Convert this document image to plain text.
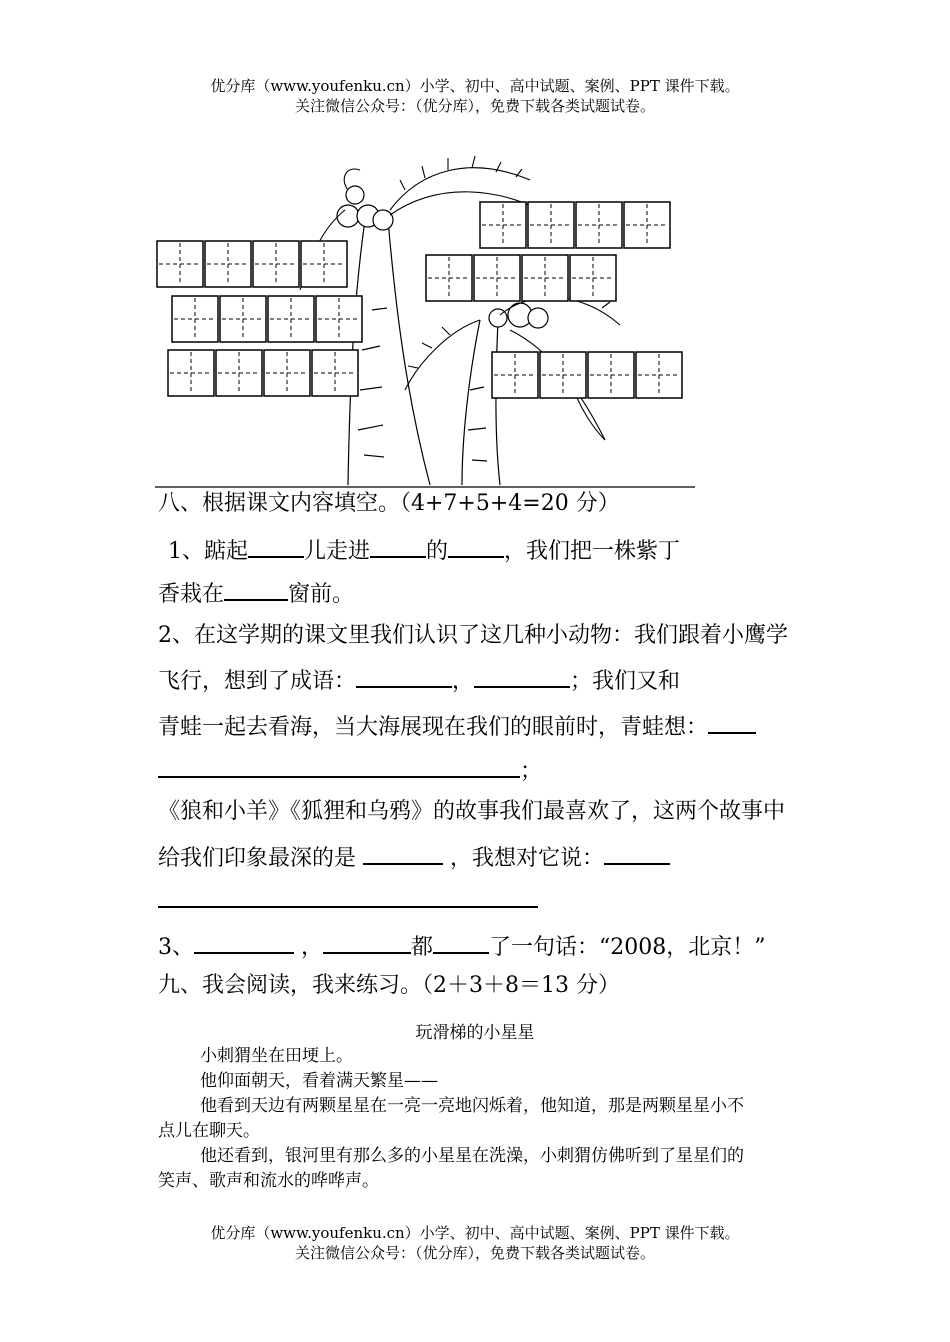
优分库（www.youfenku.cn）小学、初中、高中试题、案例、PPT 课件下载。
关注微信公众号：（优分库），免费下载各类试题试卷。
八、根据课文内容填空。（4+7+5+4=20 分）
1、踮起	儿走进	的	，我们把一株紫丁
香栽在	窗前。
2、在这学期的课文里我们认识了这几种小动物：我们跟着小鹰学
飞行，想到了成语：	，	；我们又和
青蛙一起去看海，当大海展现在我们的眼前时，青蛙想：
；
《狼和小羊》《狐狸和乌鸦》的故事我们最喜欢了，这两个故事中
给我们印象最深的是	，我想对它说：
3、	，	都	了一句话：“2008，北京！”
九、我会阅读，我来练习。（2＋3＋8＝13 分）
玩滑梯的小星星
小刺猬坐在田埂上。
他仰面朝天，看着满天繁星——
他看到天边有两颗星星在一亮一亮地闪烁着，他知道，那是两颗星星小不
点儿在聊天。
他还看到，银河里有那么多的小星星在洗澡，小刺猬仿佛听到了星星们的
笑声、歌声和流水的哗哗声。
优分库（www.youfenku.cn）小学、初中、高中试题、案例、PPT 课件下载。
关注微信公众号：（优分库），免费下载各类试题试卷。
